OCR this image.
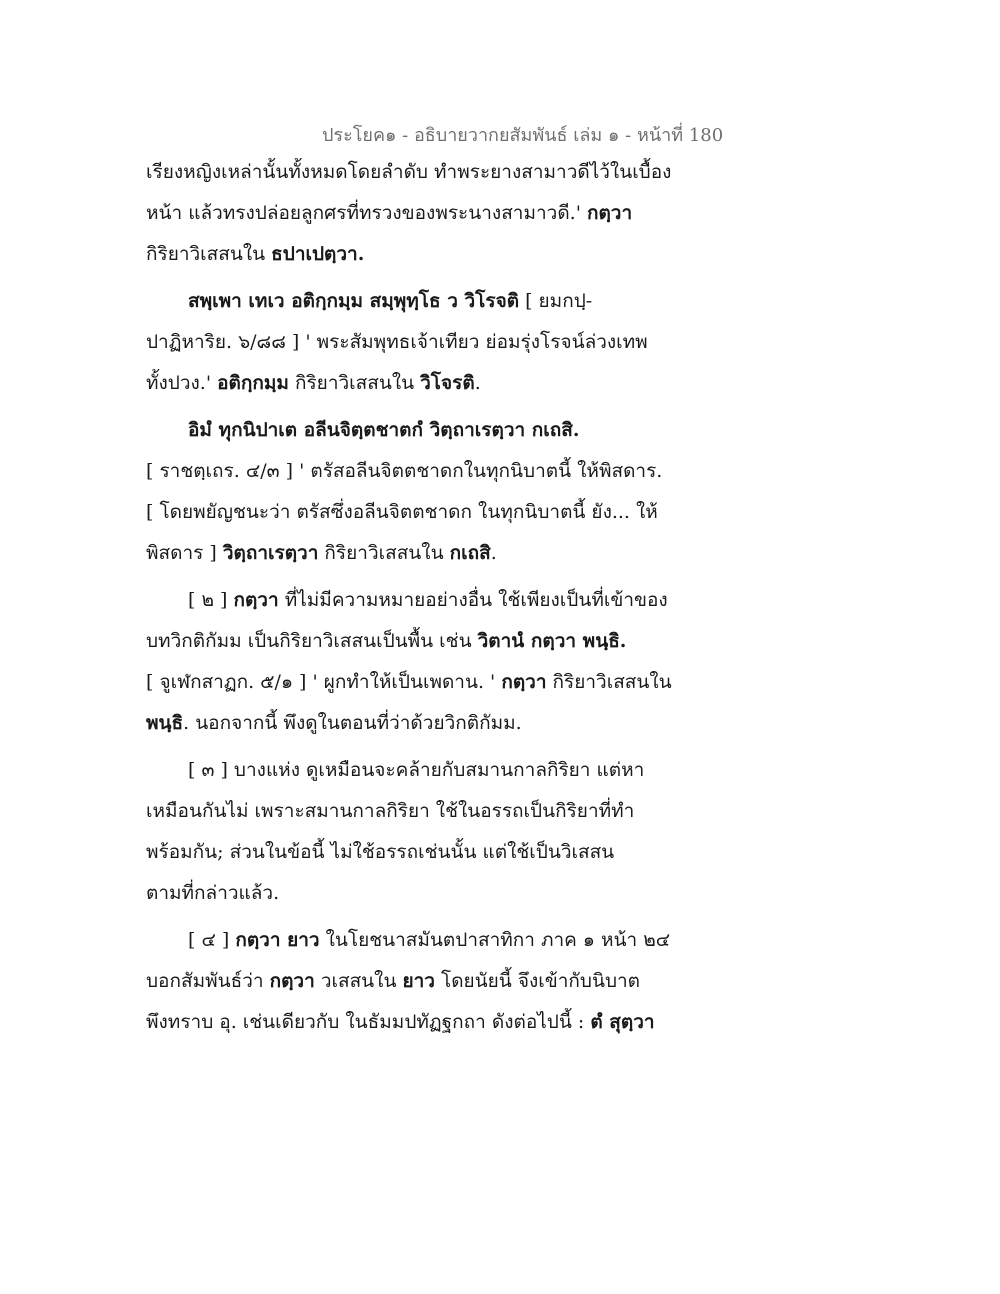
ประโยค๑ - อธิบายวากยสัมพันธ์ เล่ม ๑ - หน้าที่ 180
เรียงหญิงเหล่านั้นทั้งหมดโดยลำดับ ทำพระยางสามาวดีไว้ในเบื้อง
หน้า แล้วทรงปล่อยลูกศรที่ทรวงของพระนางสามาวดี.' กตฺวา
กิริยาวิเสสนใน ธปาเปตฺวา.
สพฺเพา เทเว อติกฺกมฺม สมฺพุทฺโธ ว วิโรจติ [ ยมกปฺ-
ปาฏิหาริย. ๖/๘๘ ] ' พระสัมพุทธเจ้าเทียว ย่อมรุ่งโรจน์ล่วงเทพ
ทั้งปวง.' อติกฺกมฺม กิริยาวิเสสนใน วิโจรติ.
อิมํ ทุกนิปาเต อลีนจิตฺตชาตกํ วิตฺถาเรตฺวา กเถสิ.
[ ราชตฺเถร. ๔/๓ ] ' ตรัสอลีนจิตตชาดกในทุกนิบาตนี้ ให้พิสดาร.
[ โดยพยัญชนะว่า ตรัสซึ่งอลีนจิตตชาดก ในทุกนิบาตนี้ ยัง... ให้
พิสดาร ] วิตฺถาเรตฺวา กิริยาวิเสสนใน กเถสิ.
[ ๒ ] กตฺวา ที่ไม่มีความหมายอย่างอื่น ใช้เพียงเป็นที่เข้าของ
บทวิกติกัมม เป็นกิริยาวิเสสนเป็นพื้น เช่น วิตานํ กตฺวา พนฺธิ.
[ จูเฬกสาฏก. ๕/๑ ] ' ผูกทำให้เป็นเพดาน. ' กตฺวา กิริยาวิเสสนใน
พนฺธิ. นอกจากนี้ พึงดูในตอนที่ว่าด้วยวิกติกัมม.
[ ๓ ] บางแห่ง ดูเหมือนจะคล้ายกับสมานกาลกิริยา แต่หา
เหมือนกันไม่ เพราะสมานกาลกิริยา ใช้ในอรรถเป็นกิริยาที่ทำ
พร้อมกัน; ส่วนในข้อนี้ ไม่ใช้อรรถเช่นนั้น แต่ใช้เป็นวิเสสน
ตามที่กล่าวแล้ว.
[ ๔ ] กตฺวา ยาว ในโยชนาสมันตปาสาทิกา ภาค ๑ หน้า ๒๔
บอกสัมพันธ์ว่า กตฺวา วเสสนใน ยาว โดยนัยนี้ จึงเข้ากับนิบาต
พึงทราบ อุ. เช่นเดียวกับ ในธัมมปทัฏฐกถา ดังต่อไปนี้ : ตํ สุตฺวา
